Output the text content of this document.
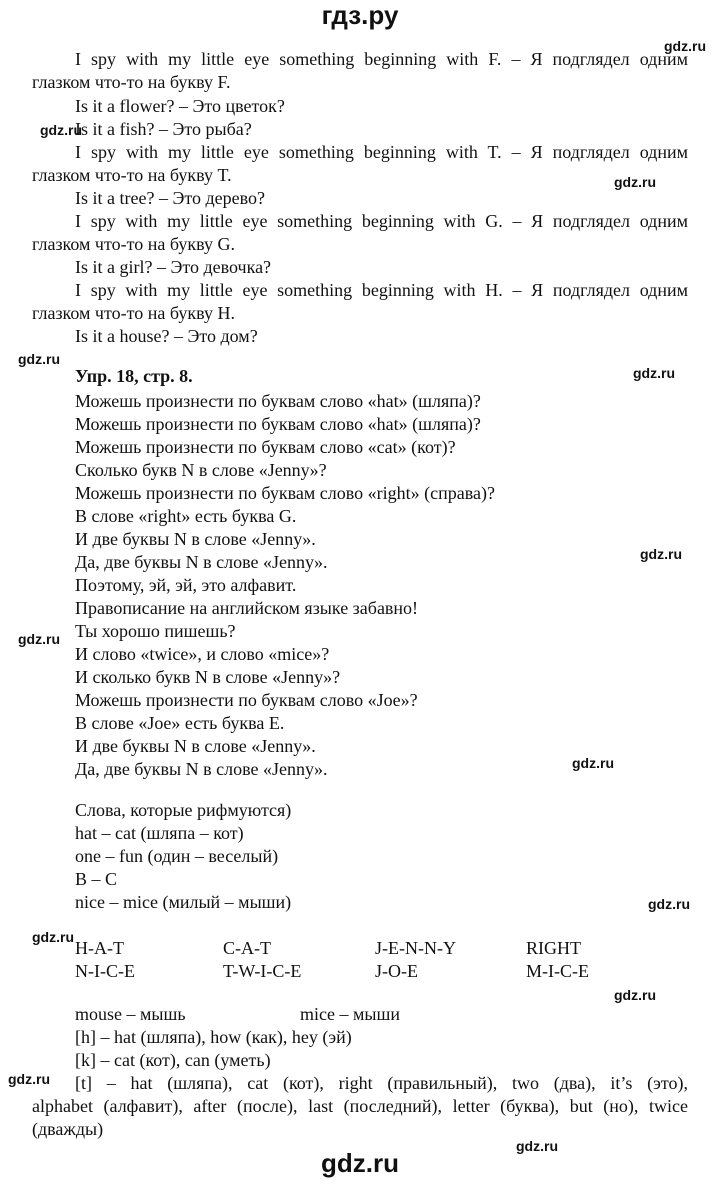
гдз.ру
gdz.ru
gdz.ru
gdz.ru
gdz.ru
gdz.ru
gdz.ru
gdz.ru
gdz.ru
gdz.ru
gdz.ru
gdz.ru
gdz.ru
gdz.ru
I spy with my little eye something beginning with F. – Я подглядел одним
глазком что-то на букву F.
Is it a flower? – Это цветок?
Is it a fish? – Это рыба?
I spy with my little eye something beginning with T. – Я подглядел одним
глазком что-то на букву T.
Is it a tree? – Это дерево?
I spy with my little eye something beginning with G. – Я подглядел одним
глазком что-то на букву G.
Is it a girl? – Это девочка?
I spy with my little eye something beginning with H. – Я подглядел одним
глазком что-то на букву H.
Is it a house? – Это дом?
Упр. 18, стр. 8.
Можешь произнести по буквам слово «hat» (шляпа)?
Можешь произнести по буквам слово «hat» (шляпа)?
Можешь произнести по буквам слово «cat» (кот)?
Сколько букв N в слове «Jenny»?
Можешь произнести по буквам слово «right» (справа)?
В слове «right» есть буква G.
И две буквы N в слове «Jenny».
Да, две буквы N в слове «Jenny».
Поэтому, эй, эй, это алфавит.
Правописание на английском языке забавно!
Ты хорошо пишешь?
И слово «twice», и слово «mice»?
И сколько букв N в слове «Jenny»?
Можешь произнести по буквам слово «Joe»?
В слове «Joe» есть буква E.
И две буквы N в слове «Jenny».
Да, две буквы N в слове «Jenny».
Слова, которые рифмуются)
hat – cat (шляпа – кот)
one – fun (один – веселый)
B – C
nice – mice (милый – мыши)
H-A-T	C-A-T	J-E-N-N-Y	RIGHT
N-I-C-E	T-W-I-C-E	J-O-E	M-I-C-E
mouse – мышь	mice – мыши
[h] – hat (шляпа), how (как), hey (эй)
[k] – cat (кот), can (уметь)
[t] – hat (шляпа), cat (кот), right (правильный), two (два), it’s (это),
alphabet (алфавит), after (после), last (последний), letter (буква), but (но), twice
(дважды)
gdz.ru
